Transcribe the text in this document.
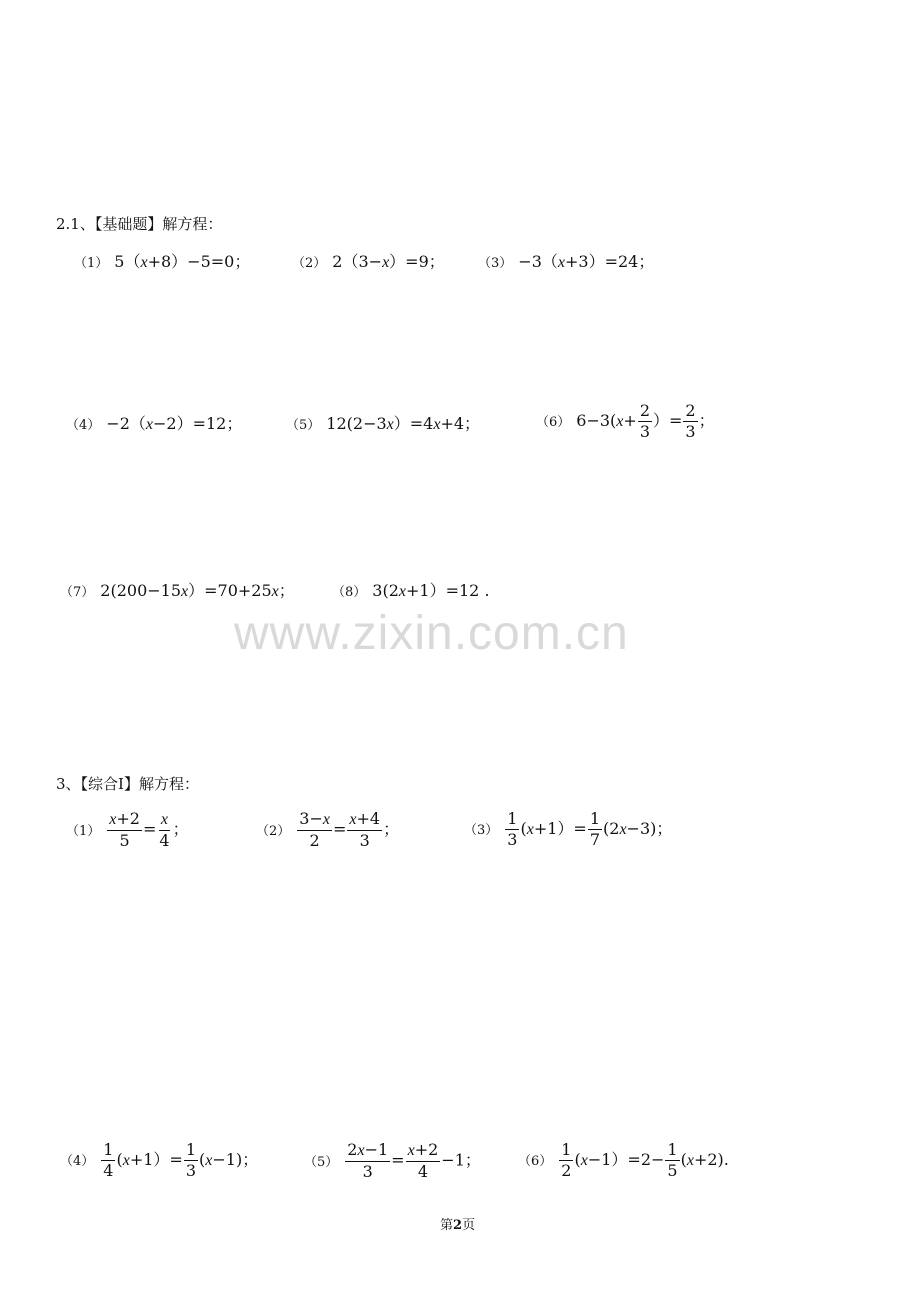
2.1、【基础题】解方程：
（1） 5（x+8）−5=0；	（2） 2（3−x）=9；	（3） −3（x+3）=24；
（4） −2（x−2）=12；	（5） 12(2−3x）=4x+4；	（6） $6-3(x+ \frac{2}{3}$ ）= $\frac{2}{3}$ ；
（7） 2(200−15x）=70+25x；	（8） 3(2x+1）=12 .
www.zixin.com.cn
3、【综合Ⅰ】解方程：
$(1) \frac{x+2}{5} = \frac{x}{4}$ ；	$(2) \frac{3-x}{2} = \frac{x+4}{3}$ ；	$(3) \frac{1}{3} (x+1)= \frac{1}{7} (2x-3)$；
$(4) \frac{1}{4} (x+1)= \frac{1}{3} (x-1)$；	$(5) \frac{2x-1}{3} = \frac{x+2}{4} -1$；	$(6) \frac{1}{2} (x-1)=2- \frac{1}{5} (x+2)$.
第2页
